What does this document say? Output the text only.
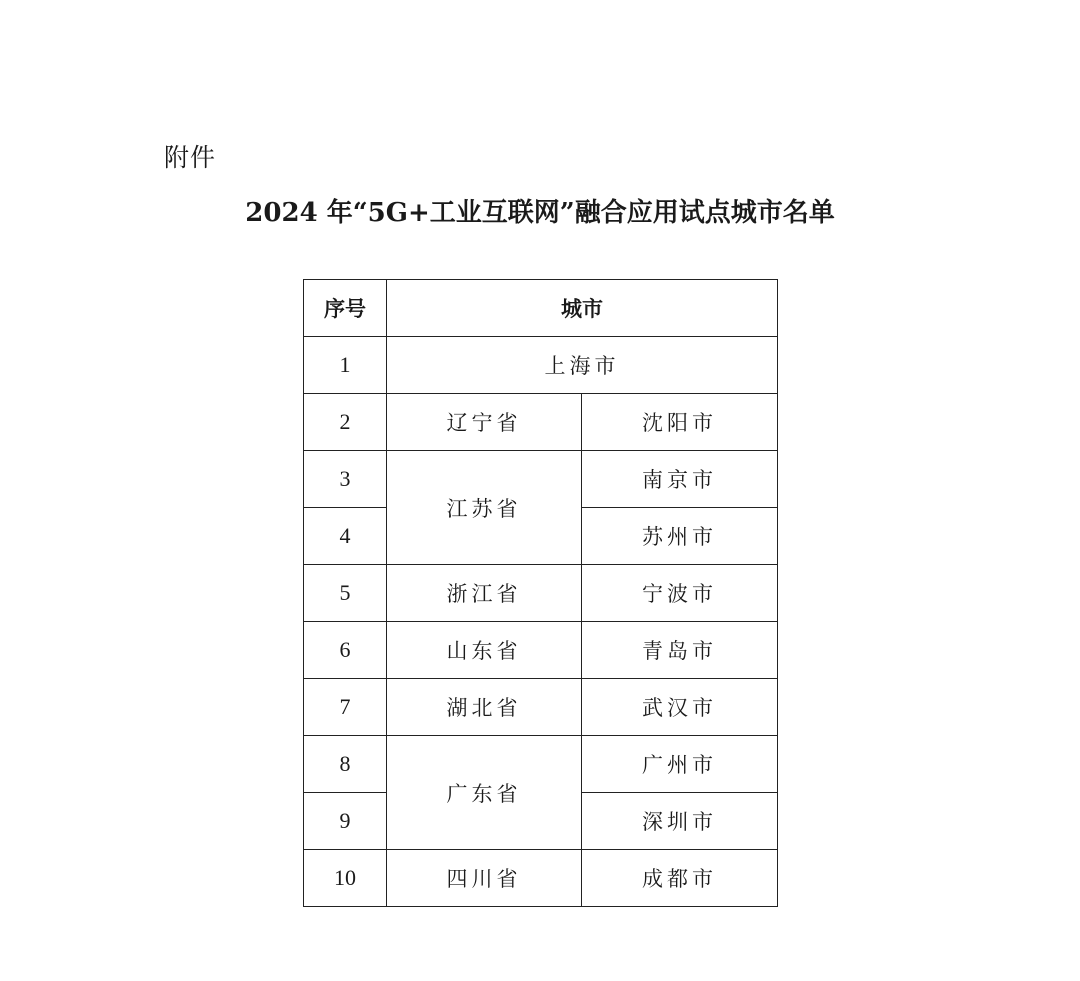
附件
2024 年“5G+工业互联网”融合应用试点城市名单
序号	城市	
1	上海市	
2	辽宁省	沈阳市
3	江苏省	南京市
4		苏州市
5	浙江省	宁波市
6	山东省	青岛市
7	湖北省	武汉市
8	广东省	广州市
9		深圳市
10	四川省	成都市
